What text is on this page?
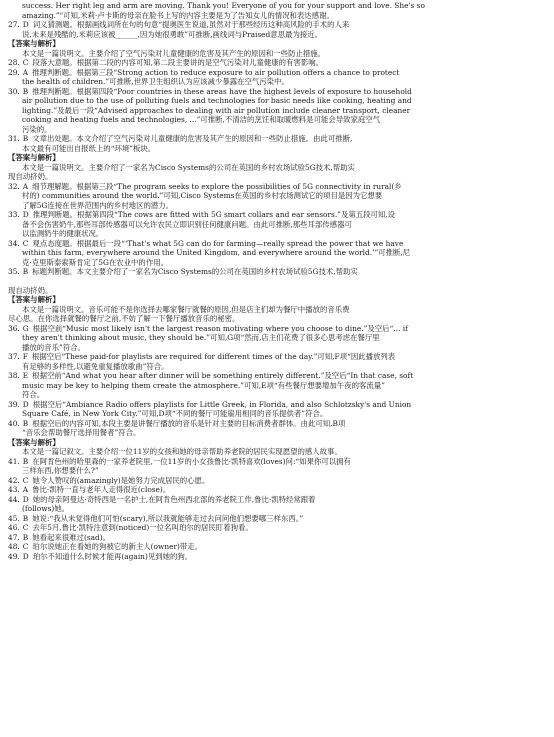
success. Her right leg and arm are moving. Thank you! Everyone of you for your support and love. She's so
amazing.”"可知,米莉·卢卡斯的母亲在脸书上写的内容主要是为了告知女儿的情况和表达感谢。
27. D 词义猜测题。根据画线词所在句的句意“提奥医生说道,虽然对于那些经历这种高风险的手术的人来
说,未来是残酷的,米莉应该被______,因为她很勇敢”可推断,画线词与Praised意思最为接近。
【答案与解析】
本文是一篇说明文。主要介绍了空气污染对儿童健康的危害及其产生的原因和一些防止措施。
28. C 段落大意题。根据第二段的内容可知,第二段主要讲的是空气污染对儿童健康的有害影响。
29. A 推理判断题。根据第三段“Strong action to reduce exposure to air pollution offers a chance to protect
the health of children.”可推断,世界卫生组织认为应该减少暴露在空气污染中。
30. B 推理判断题。根据第四段“Poor countries in these areas have the highest levels of exposure to household
air pollution due to the use of polluting fuels and technologies for basic needs like cooking, heating and
lighting.”及最后一段“Advised approaches to dealing with air pollution include cleaner transport, cleaner
cooking and heating fuels and technologies, ...”可推断,不清洁的烹饪和取暖燃料是可能会导致家庭空气
污染的。
31. B 文章出处题。本文介绍了空气污染对儿童健康的危害及其产生的原因和一些防止措施。由此可推断,
本文最有可能出自报纸上的“环境”板块。
【答案与解析】
本文是一篇说明文。主要介绍了一家名为Cisco Systems的公司在英国的乡村农场试验5G技术,帮助实
现自动挤奶。
32. A 细节理解题。根据第三段“The program seeks to explore the possibilities of 5G connectivity in rural(乡
村的) communities around the world.”可知,Cisco Systems在英国的乡村农场测试它的项目是因为它想要
了解5G连接在世界范围内的乡村地区的潜力。
33. D 推理判断题。根据第四段“The cows are fitted with 5G smart collars and ear sensors.”及第五段可知,设
备不会伤害奶牛,那些耳部传感器可以允许农民立即识别任何健康问题。由此可推断,那些耳部传感器可
以监测奶牛的健康状况。
34. C 观点态度题。根据最后一段“‘That's what 5G can do for farming—really spread the power that we have
within this farm, everywhere around the United Kingdom, and everywhere around the world.’”可推断,尼
克·克里斯泰索斯肯定了5G在农业中的作用。
35. B 标题判断题。本文主要介绍了一家名为Cisco Systems的公司在英国的乡村农场试验5G技术,帮助实
现自动挤奶。
【答案与解析】
本文是一篇说明文。音乐可能不是你选择去哪家餐厅就餐的原因,但是店主们却为餐厅中播放的音乐费
尽心思。在你选择就餐的餐厅之前,不妨了解一下餐厅播放音乐的秘密。
36. G 根据空前“Music most likely isn't the largest reason motivating where you choose to dine.”及空后“... if
they aren't thinking about music, they should be.”可知,G项“然而,店主们花费了很多心思考虑在餐厅里
播放的音乐”符合。
37. F 根据空后“These paid-for playlists are required for different times of the day.”可知,F项“因此播放列表
有足够的多样性,以避免重复播放歌曲”符合。
38. E 根据空前“And what you hear after dinner will be something entirely different.”及空后“In that case, soft
music may be key to helping them create the atmosphere.”可知,E项“有些餐厅想要增加午夜的客流量”
符合。
39. D 根据空后“Ambiance Radio offers playlists for Little Greek, in Florida, and also Schlotzsky's and Union
Square Café, in New York City.”可知,D项“不同的餐厅可能雇用相同的音乐提供者”符合。
40. B 根据空后的内容可知,本段主要是讲餐厅播放的音乐是针对主要的目标消费者群体。由此可知,B项
“音乐会帮助餐厅选择用餐者”符合。
【答案与解析】
本文是一篇记叙文。主要介绍一位11岁的女孩和她的母亲帮助养老院的居民实现愿望的感人故事。
41. B 在阿肯色州的哈里森的一家养老院里,一位11岁的小女孩鲁比·凯特喜欢(loves)问:“如果你可以拥有
三样东西,你想要什么?”
42. C 她令人赞叹的(amazingly)是她努力完成居民的心愿。
43. A 鲁比·凯特一直与老年人走得很近(close)。
44. D 她的母亲阿曼达·奇特西是一名护士,在阿肯色州西北部的养老院工作,鲁比·凯特经常跟着
(follows)她。
45. B 她说:“我从未觉得他们可怕(scary),所以我就能够走过去问问他们想要哪三样东西。”
46. C 去年5月,鲁比·凯特注意到(noticed)一位名叫珀尔的居民盯着狗看。
47. B 她看起来很难过(sad)。
48. C 珀尔说她正在看她的狗被它的新主人(owner)带走。
49. D 珀尔不知道什么时候才能再(again)见到她的狗。
